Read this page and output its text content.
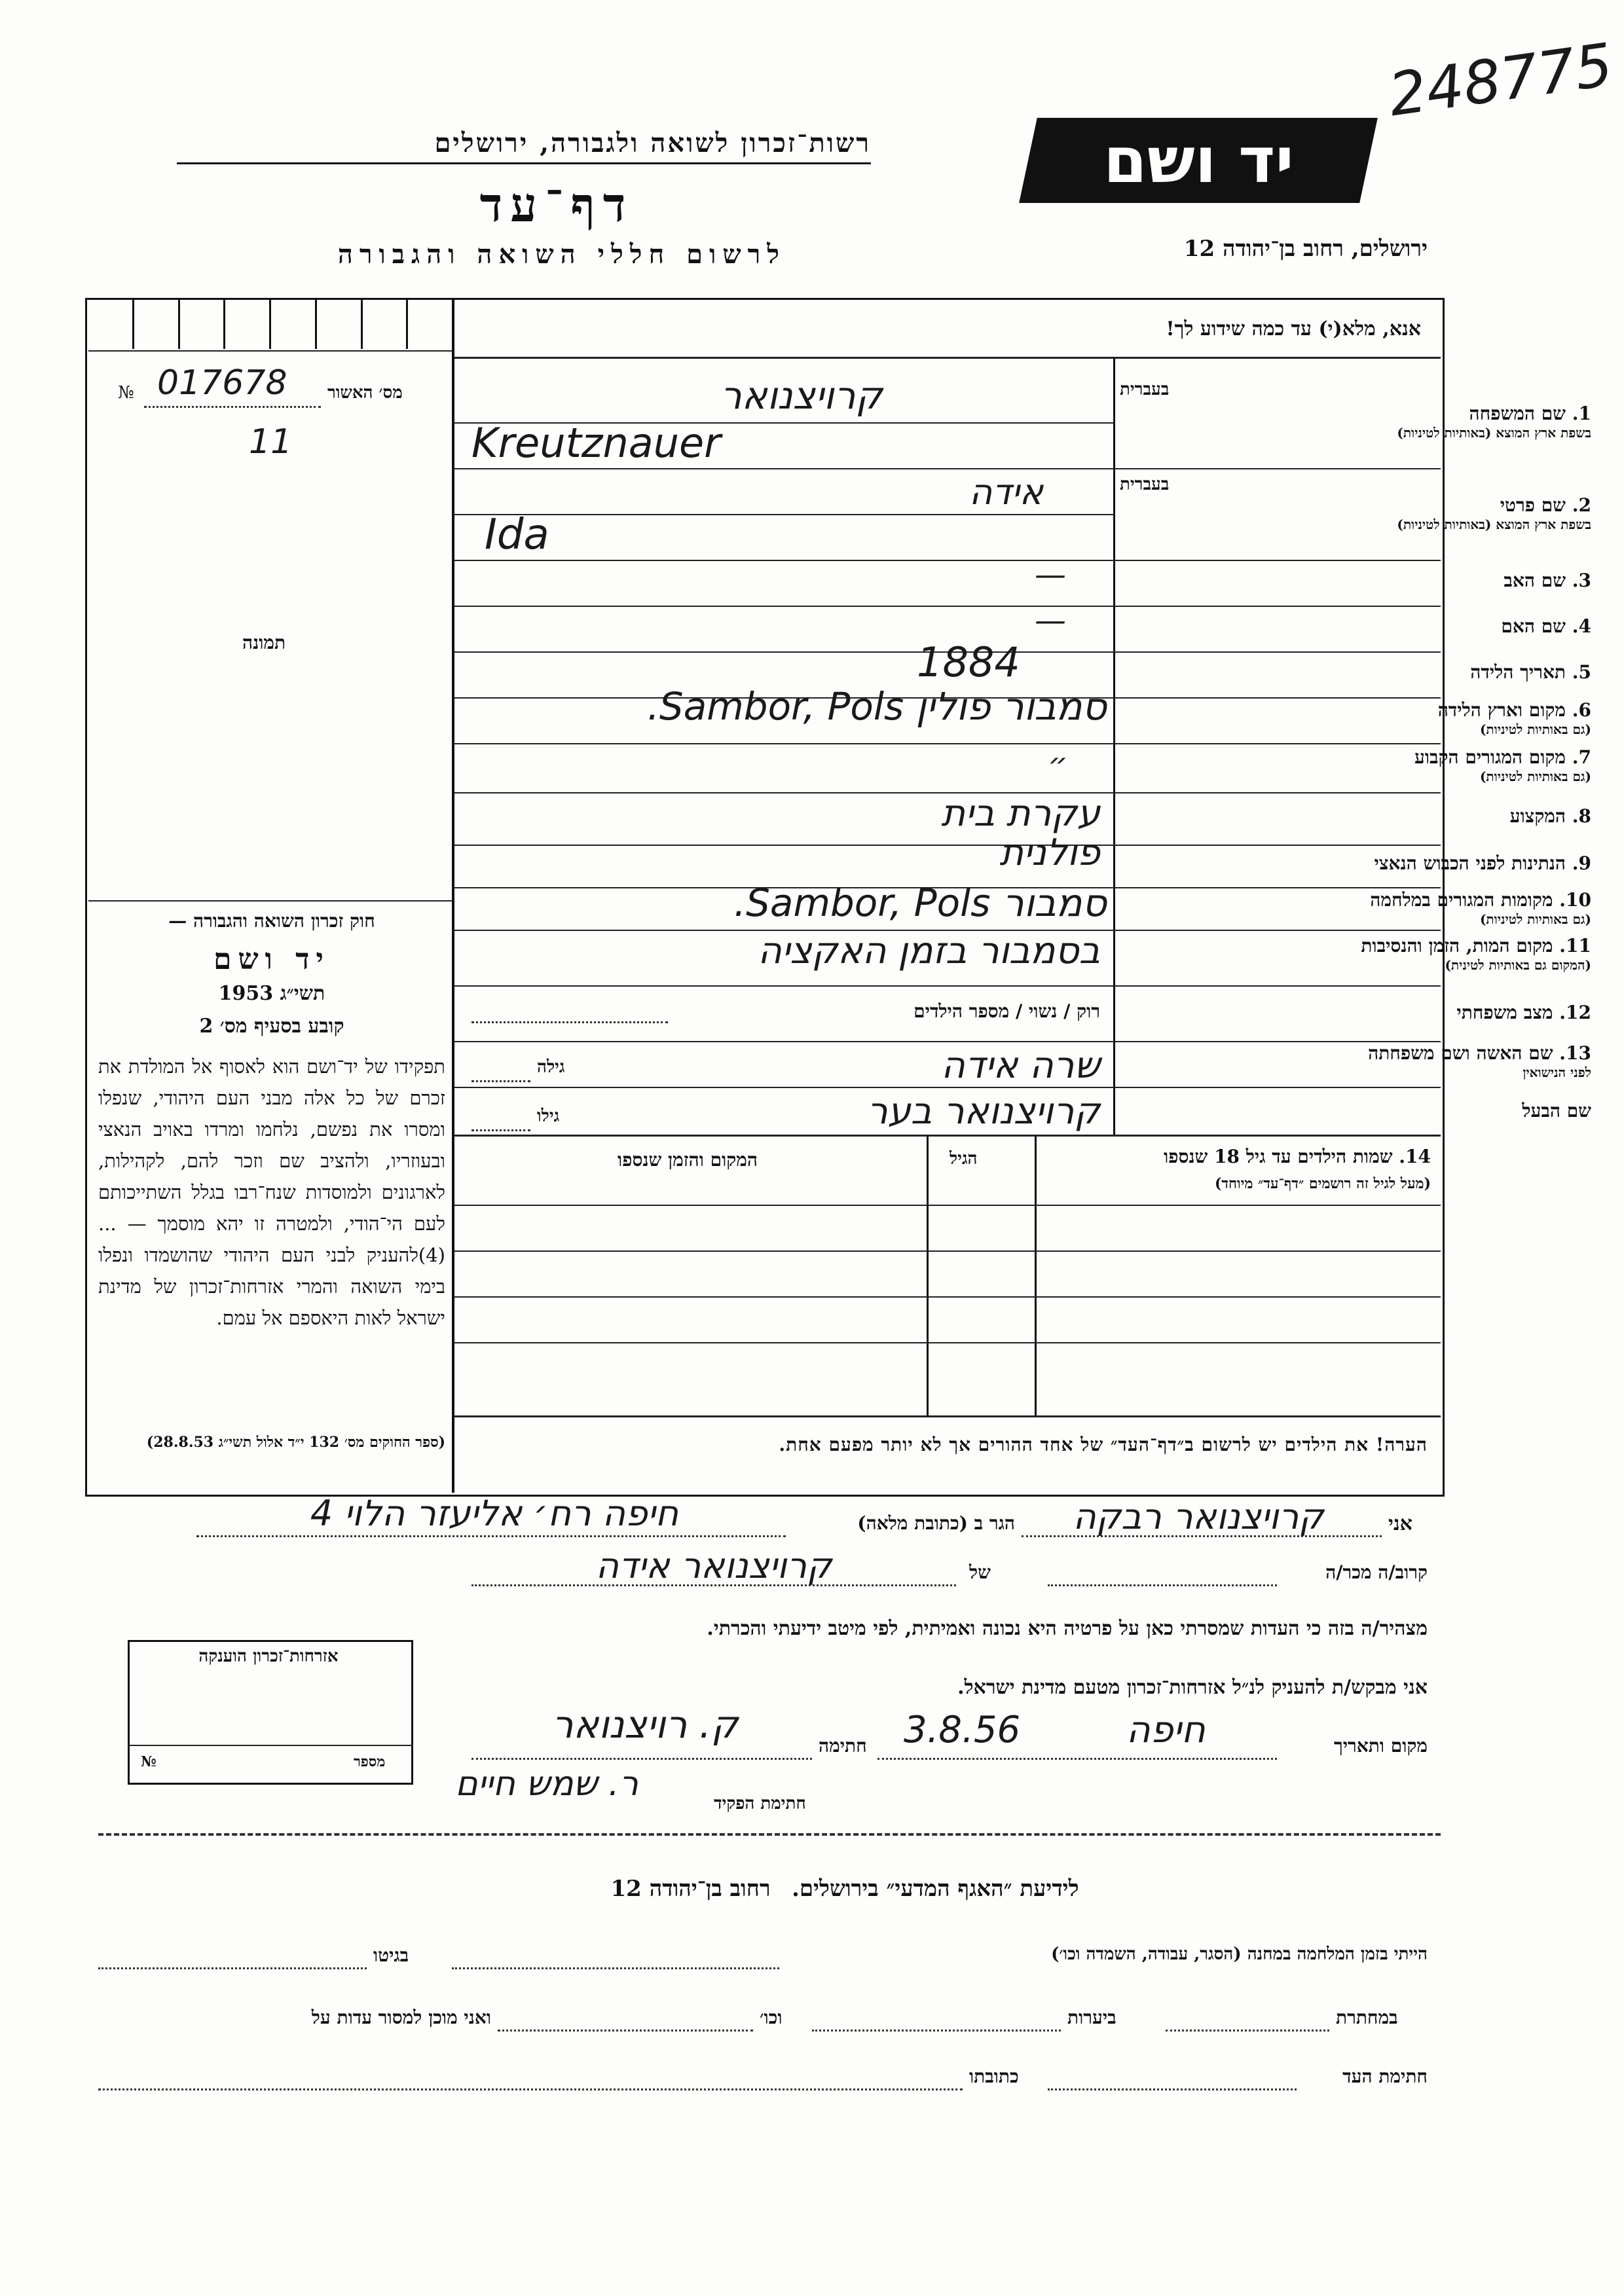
248775
יד ושם
רשות־זכרון לשואה ולגבורה, ירושלים
דף־עד
לרשום חללי השואה והגבורה	ירושלים, רחוב בן־יהודה 12
מס׳ האשור
№ 017678
11
תמונה
אנא, מלא(י) עד כמה שידוע לך!
בעברית
בעברית
1. שם המשפחה
בשפת ארץ המוצא (באותיות לטיניות)
2. שם פרטי
בשפת ארץ המוצא (באותיות לטיניות)
3. שם האב
4. שם האם
5. תאריך הלידה
6. מקום וארץ הלידה
(גם באותיות לטיניות)
7. מקום המגורים הקבוע
(גם באותיות לטיניות)
8. המקצוע
9. הנתינות לפני הכבוש הנאצי
10. מקומות המגורים במלחמה
(גם באותיות לטיניות)
11. מקום המות, הזמן והנסיבות
(המקום גם באותיות לטינית)
12. מצב משפחתי
13. שם האשה ושם משפחתה
לפני הנישואין
שם הבעל
קרויצנואר
Kreutznauer
אידה
Ida
—
—
1884
סמבור פולין Sambor, Pols.
״
עקרת בית
פולנית
סמבור Sambor, Pols.
בסמבור בזמן האקציה
רוק / נשוי / מספר הילדים
שרה אידה
גילה
קרויצנואר בער
גילו
14. שמות הילדים עד גיל 18 שנספו
(מעל לגיל זה רושמים ״דף־עד״ מיוחד)
הגיל
המקום והזמן שנספו
הערה! את הילדים יש לרשום ב״דף־העד״ של אחד ההורים אך לא יותר מפעם אחת.
חוק זכרון השואה והגבורה —
יד ושם
תשי״ג 1953
קובע בסעיף מס׳ 2
תפקידו של יד־ושם הוא לאסוף אל המולדת את זכרם של כל אלה מבני העם היהודי, שנפלו ומסרו את נפשם, נלחמו ומרדו באויב הנאצי ובעוזריו, ולהציב שם וזכר להם, לקהילות, לארגונים ולמוסדות שנח־רבו בגלל השתייכותם לעם הי־הודי, ולמטרה זו יהא מוסמך — ...(4)להעניק לבני העם היהודי שהושמדו ונפלו בימי השואה והמרי אזרחות־זכרון של מדינת ישראל לאות היאספם אל עמם.
(ספר החוקים מס׳ 132 י״ד אלול תשי״ג 28.8.53)
אני
קרויצנואר רבקה
הגר ב (כתובת מלאה)
חיפה רח׳ אליעזר הלוי 4
קרוב/ה מכר/ה
של
קרויצנואר אידה
מצהיר/ה בזה כי העדות שמסרתי כאן על פרטיה היא נכונה ואמיתית, לפי מיטב ידיעתי והכרתי.
אני מבקש/ת להעניק לנ״ל אזרחות־זכרון מטעם מדינת ישראל.
מקום ותאריך
חיפה
3.8.56
חתימה
ק. רויצנואר
חתימת הפקיד
ר. שמש חיים
אזרחות־זכרון הוענקה
מספר
№
לידיעת ״האגף המדעי״ בירושלים.   רחוב בן־יהודה 12
הייתי בזמן המלחמה במחנה (הסגר, עבודה, השמדה וכו׳)
בגיטו
במחתרת
ביערות
וכו׳
ואני מוכן למסור עדות על
חתימת העד
כתובתו
